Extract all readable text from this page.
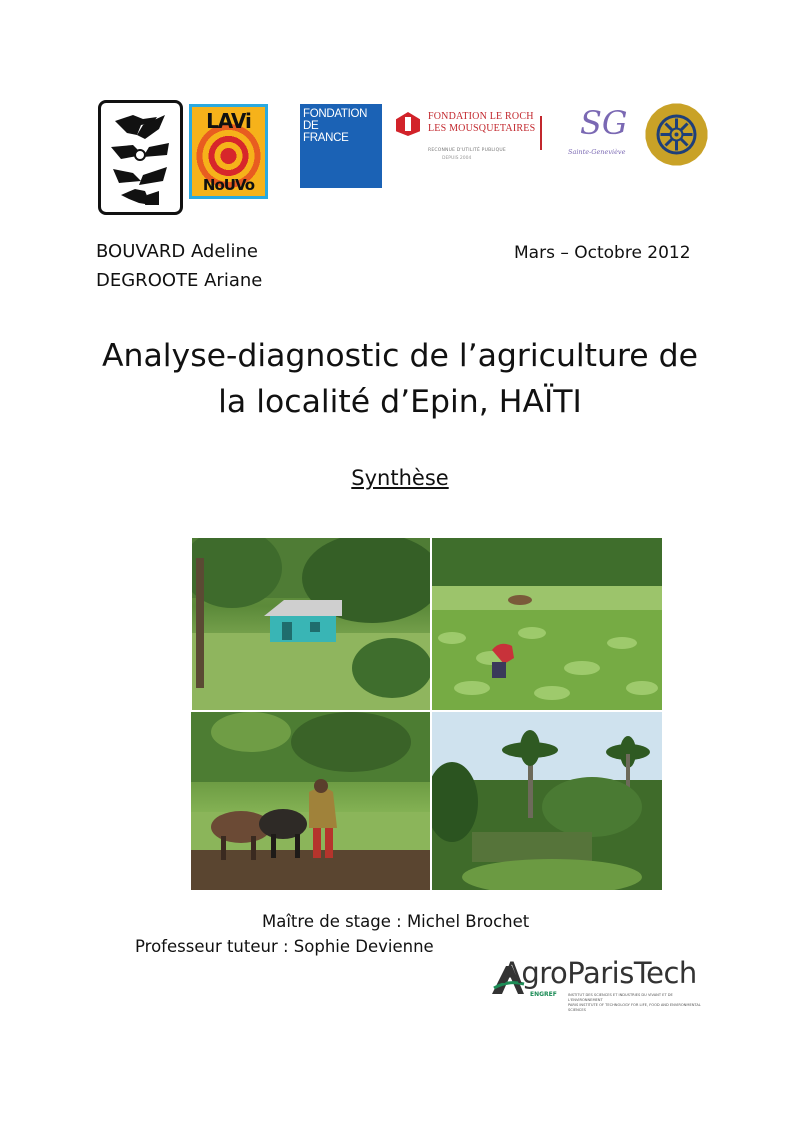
LAVi
NoUVo
FONDATION
DE
FRANCE
FONDATION LE ROCH
LES MOUSQUETAIRES
RECONNUE D'UTILITÉ PUBLIQUE
DEPUIS 2004
SG
Sainte-Geneviève
BOUVARD Adeline
DEGROOTE Ariane
Mars – Octobre 2012
Analyse-diagnostic de l’agriculture de
la localité d’Epin, HAÏTI
Synthèse
Maître de stage : Michel Brochet
Professeur tuteur : Sophie Devienne
AgroParisTech
ENGREF	INSTITUT DES SCIENCES ET INDUSTRIES DU VIVANT ET DE L'ENVIRONNEMENT
PARIS INSTITUTE OF TECHNOLOGY FOR LIFE, FOOD AND ENVIRONMENTAL SCIENCES
